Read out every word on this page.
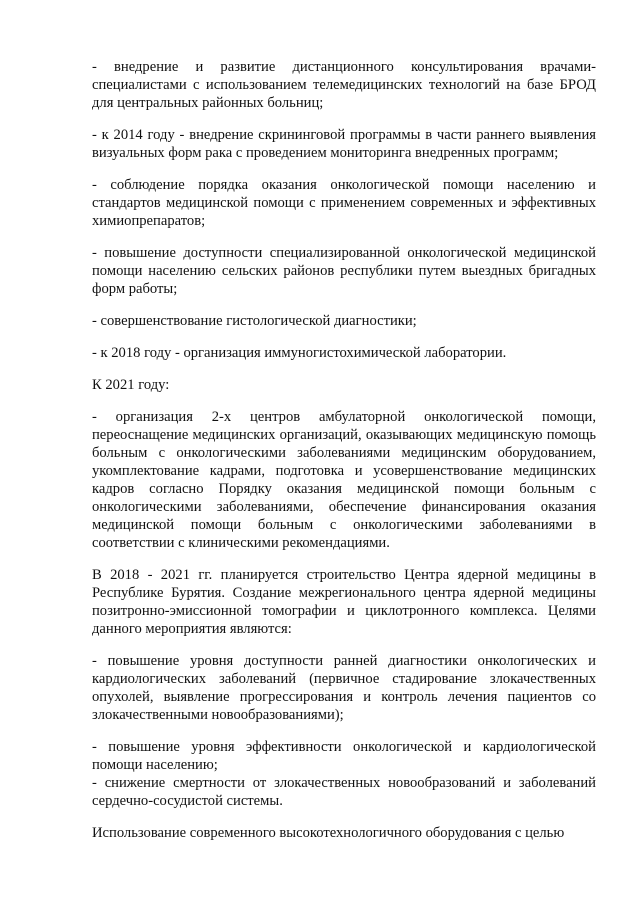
- внедрение и развитие дистанционного консультирования врачами-специалистами с использованием телемедицинских технологий на базе БРОД для центральных районных больниц;

- к 2014 году - внедрение скрининговой программы в части раннего выявления визуальных форм рака с проведением мониторинга внедренных программ;

- соблюдение порядка оказания онкологической помощи населению и стандартов медицинской помощи с применением современных и эффективных химиопрепаратов;

- повышение доступности специализированной онкологической медицинской помощи населению сельских районов республики путем выездных бригадных форм работы;

- совершенствование гистологической диагностики;

- к 2018 году - организация иммуногистохимической лаборатории.

К 2021 году:

- организация 2-х центров амбулаторной онкологической помощи, переоснащение медицинских организаций, оказывающих медицинскую помощь больным с онкологическими заболеваниями медицинским оборудованием, укомплектование кадрами, подготовка и усовершенствование медицинских кадров согласно Порядку оказания медицинской помощи больным с онкологическими заболеваниями, обеспечение финансирования оказания медицинской помощи больным с онкологическими заболеваниями в соответствии с клиническими рекомендациями.

В 2018 - 2021 гг. планируется строительство Центра ядерной медицины в Республике Бурятия. Создание межрегионального центра ядерной медицины позитронно-эмиссионной томографии и циклотронного комплекса. Целями данного мероприятия являются:

- повышение уровня доступности ранней диагностики онкологических и кардиологических заболеваний (первичное стадирование злокачественных опухолей, выявление прогрессирования и контроль лечения пациентов со злокачественными новообразованиями);

- повышение уровня эффективности онкологической и кардиологической помощи населению;

- снижение смертности от злокачественных новообразований и заболеваний сердечно-сосудистой системы.

Использование современного высокотехнологичного оборудования с целью
